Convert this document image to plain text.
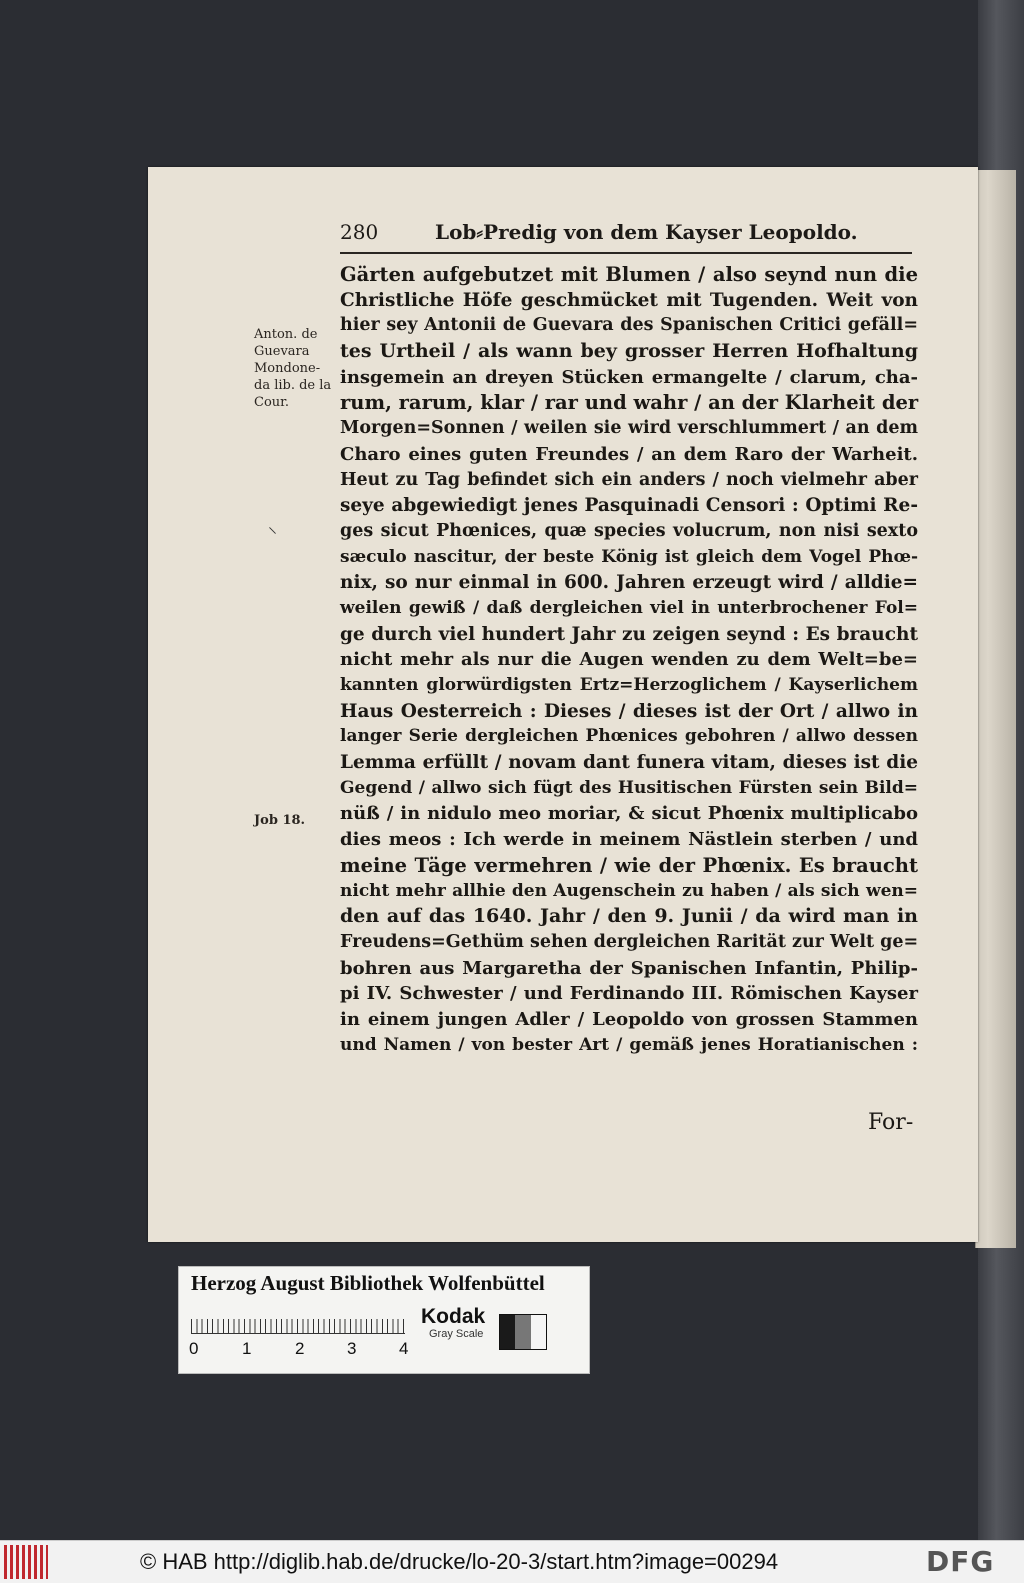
280	Lob⸗Predig von dem Kayser Leopoldo.
Anton. de
Guevara
Mondone-
da lib. de la
Cour.
Job 18.
⸌
Gärten aufgebutzet mit Blumen / also seynd nun die
Christliche Höfe geschmücket mit Tugenden. Weit von
hier sey Antonii de Guevara des Spanischen Critici gefäll=
tes Urtheil / als wann bey grosser Herren Hofhaltung
insgemein an dreyen Stücken ermangelte / clarum, cha-
rum, rarum, klar / rar und wahr / an der Klarheit der
Morgen=Sonnen / weilen sie wird verschlummert / an dem
Charo eines guten Freundes / an dem Raro der Warheit.
Heut zu Tag befindet sich ein anders / noch vielmehr aber
seye abgewiedigt jenes Pasquinadi Censori : Optimi Re-
ges sicut Phœnices, quæ species volucrum, non nisi sexto
sæculo nascitur, der beste König ist gleich dem Vogel Phœ-
nix, so nur einmal in 600. Jahren erzeugt wird / alldie=
weilen gewiß / daß dergleichen viel in unterbrochener Fol=
ge durch viel hundert Jahr zu zeigen seynd : Es braucht
nicht mehr als nur die Augen wenden zu dem Welt=be=
kannten glorwürdigsten Ertz=Herzoglichem / Kayserlichem
Haus Oesterreich : Dieses / dieses ist der Ort / allwo in
langer Serie dergleichen Phœnices gebohren / allwo dessen
Lemma erfüllt / novam dant funera vitam, dieses ist die
Gegend / allwo sich fügt des Husitischen Fürsten sein Bild=
nüß / in nidulo meo moriar, & sicut Phœnix multiplicabo
dies meos : Ich werde in meinem Nästlein sterben / und
meine Täge vermehren / wie der Phœnix. Es braucht
nicht mehr allhie den Augenschein zu haben / als sich wen=
den auf das 1640. Jahr / den 9. Junii / da wird man in
Freudens=Gethüm sehen dergleichen Rarität zur Welt ge=
bohren aus Margaretha der Spanischen Infantin, Philip-
pi IV. Schwester / und Ferdinando III. Römischen Kayser
in einem jungen Adler / Leopoldo von grossen Stammen
und Namen / von bester Art / gemäß jenes Horatianischen :
For-
Herzog August Bibliothek Wolfenbüttel
0	1	2	3	4
Kodak
Gray Scale
© HAB http://diglib.hab.de/drucke/lo-20-3/start.htm?image=00294	DFG
